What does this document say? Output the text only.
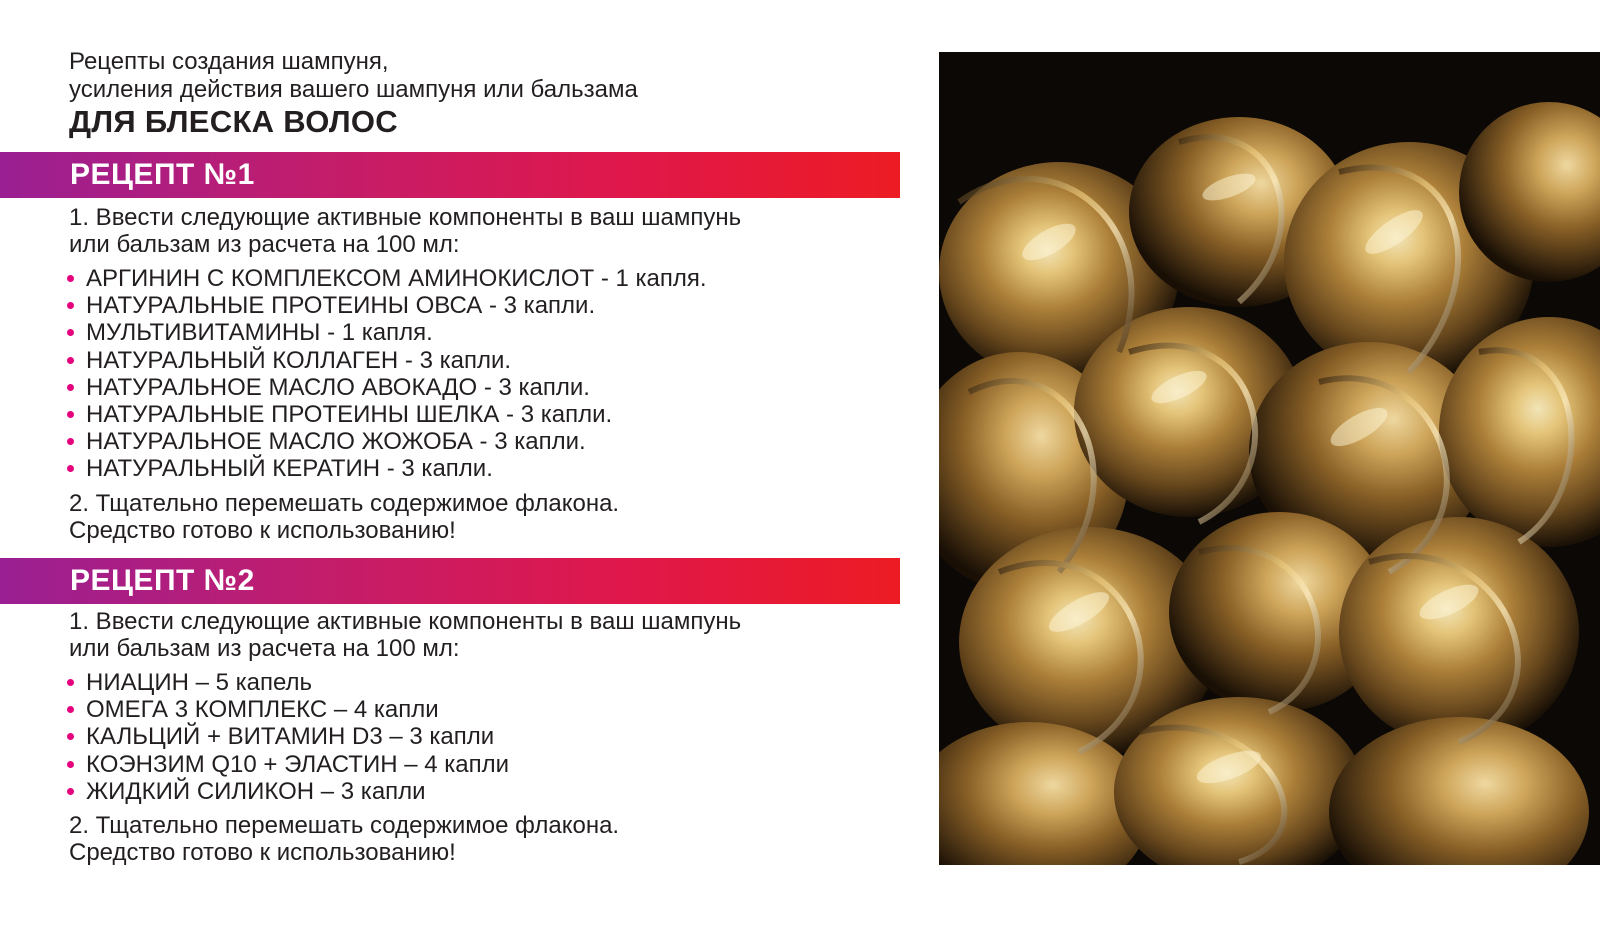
Рецепты создания шампуня,
усиления действия вашего шампуня или бальзама
ДЛЯ БЛЕСКА ВОЛОС
РЕЦЕПТ №1
1. Ввести следующие активные компоненты в ваш шампунь
или бальзам из расчета на 100 мл:
АРГИНИН С КОМПЛЕКСОМ АМИНОКИСЛОТ - 1 капля.
НАТУРАЛЬНЫЕ ПРОТЕИНЫ ОВСА - 3 капли.
МУЛЬТИВИТАМИНЫ - 1 капля.
НАТУРАЛЬНЫЙ КОЛЛАГЕН - 3 капли.
НАТУРАЛЬНОЕ МАСЛО АВОКАДО - 3 капли.
НАТУРАЛЬНЫЕ ПРОТЕИНЫ ШЕЛКА - 3 капли.
НАТУРАЛЬНОЕ МАСЛО ЖОЖОБА - 3 капли.
НАТУРАЛЬНЫЙ КЕРАТИН - 3 капли.
2. Тщательно перемешать содержимое флакона.
Средство готово к использованию!
РЕЦЕПТ №2
1. Ввести следующие активные компоненты в ваш шампунь
или бальзам из расчета на 100 мл:
НИАЦИН – 5 капель
ОМЕГА 3 КОМПЛЕКС – 4 капли
КАЛЬЦИЙ + ВИТАМИН D3 – 3 капли
КОЭНЗИМ Q10 + ЭЛАСТИН – 4 капли
ЖИДКИЙ СИЛИКОН – 3 капли
2. Тщательно перемешать содержимое флакона.
Средство готово к использованию!
